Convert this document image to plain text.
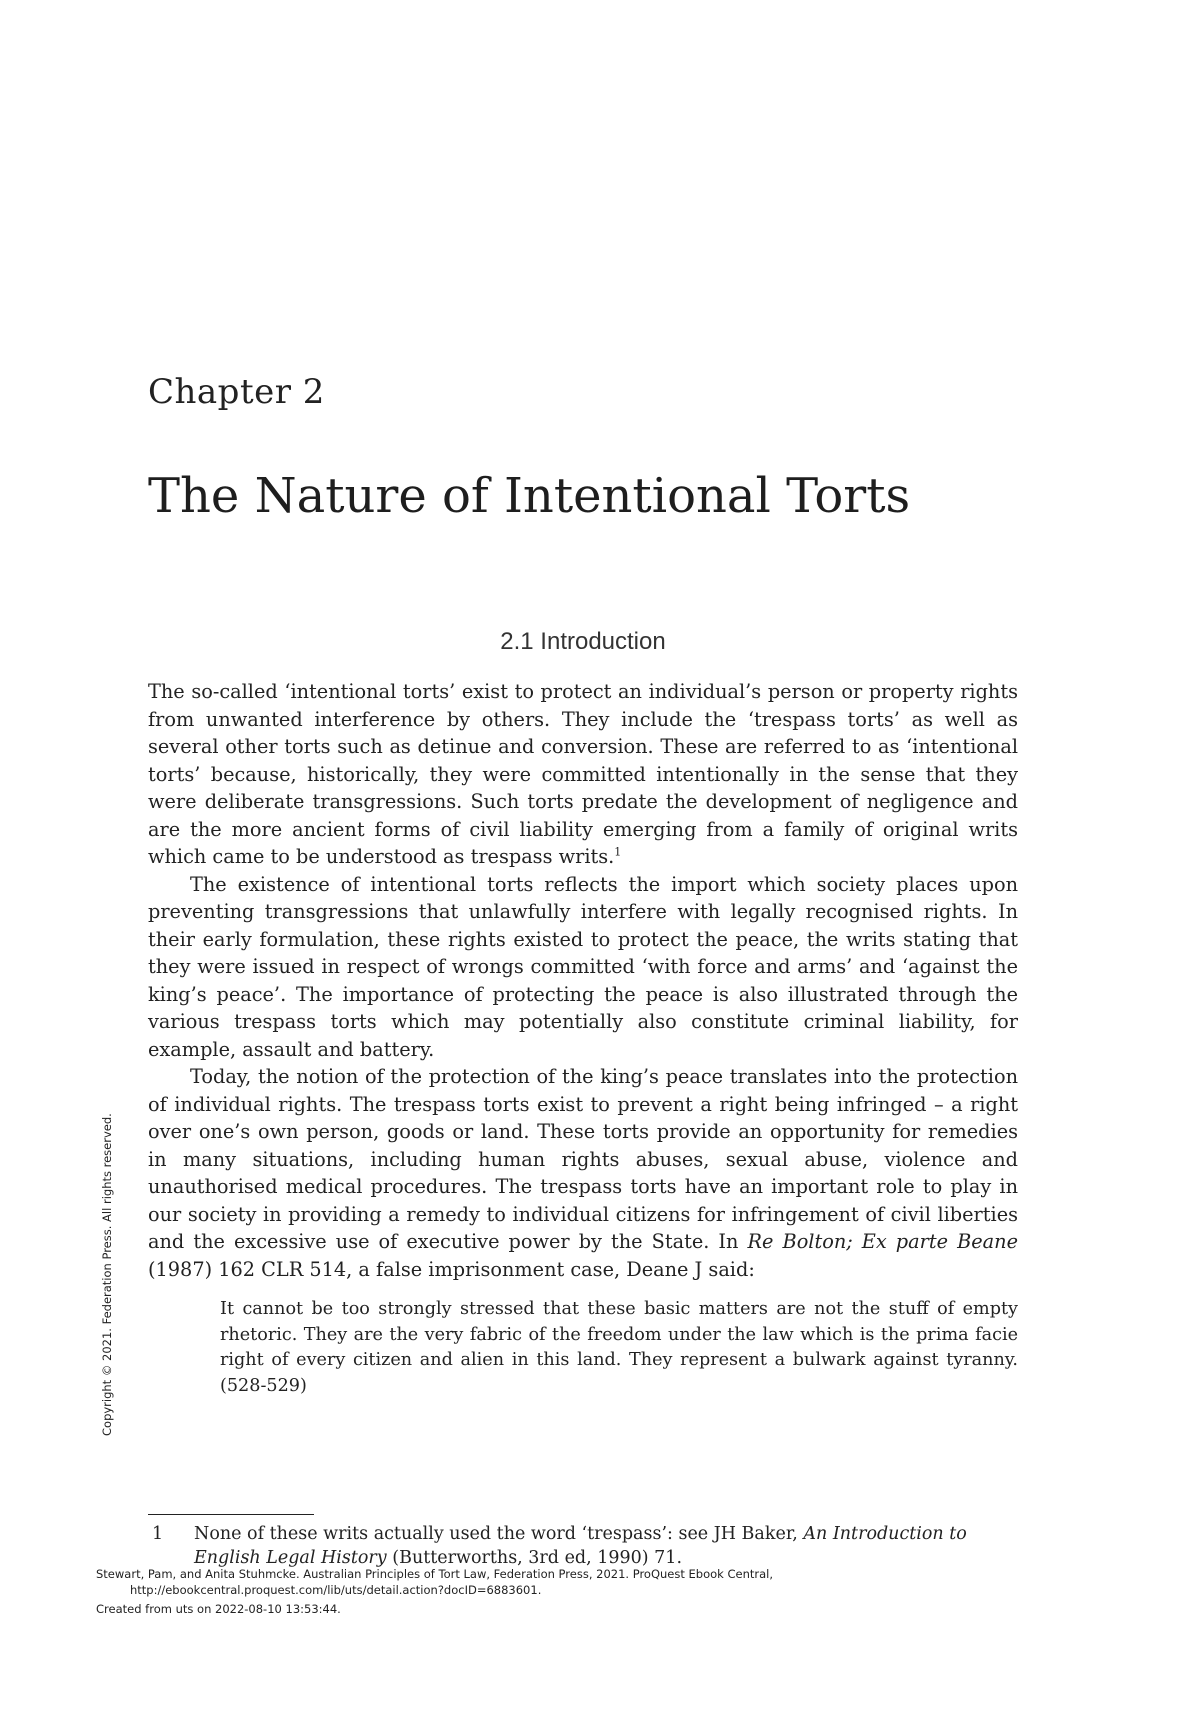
Chapter 2
The Nature of Intentional Torts
2.1 Introduction

The so-called ‘intentional torts’ exist to protect an individual’s person or property rights from unwanted interference by others. They include the ‘trespass torts’ as well as several other torts such as detinue and conversion. These are referred to as ‘intentional torts’ because, historically, they were committed intentionally in the sense that they were deliberate transgressions. Such torts predate the development of negligence and are the more ancient forms of civil liability emerging from a family of original writs which came to be understood as trespass writs.$^1$

The existence of intentional torts reflects the import which society places upon preventing transgressions that unlawfully interfere with legally recognised rights. In their early formulation, these rights existed to protect the peace, the writs stating that they were issued in respect of wrongs committed ‘with force and arms’ and ‘against the king’s peace’. The importance of protecting the peace is also illustrated through the various trespass torts which may potentially also constitute criminal liability, for example, assault and battery.

Today, the notion of the protection of the king’s peace translates into the protection of individual rights. The trespass torts exist to prevent a right being infringed – a right over one’s own person, goods or land. These torts provide an opportunity for remedies in many situations, including human rights abuses, sexual abuse, violence and unauthorised medical procedures. The trespass torts have an important role to play in our society in providing a remedy to individual citizens for infringement of civil liberties and the excessive use of executive power by the State. In Re Bolton; Ex parte Beane (1987) 162 CLR 514, a false imprisonment case, Deane J said:

It cannot be too strongly stressed that these basic matters are not the stuff of empty rhetoric. They are the very fabric of the freedom under the law which is the prima facie right of every citizen and alien in this land. They represent a bulwark against tyranny. (528-529)

1	None of these writs actually used the word ‘trespass’: see JH Baker, An Introduction to English Legal History (Butterworths, 3rd ed, 1990) 71.
Copyright © 2021. Federation Press. All rights reserved.
Stewart, Pam, and Anita Stuhmcke. Australian Principles of Tort Law, Federation Press, 2021. ProQuest Ebook Central,
http://ebookcentral.proquest.com/lib/uts/detail.action?docID=6883601.
Created from uts on 2022-08-10 13:53:44.
